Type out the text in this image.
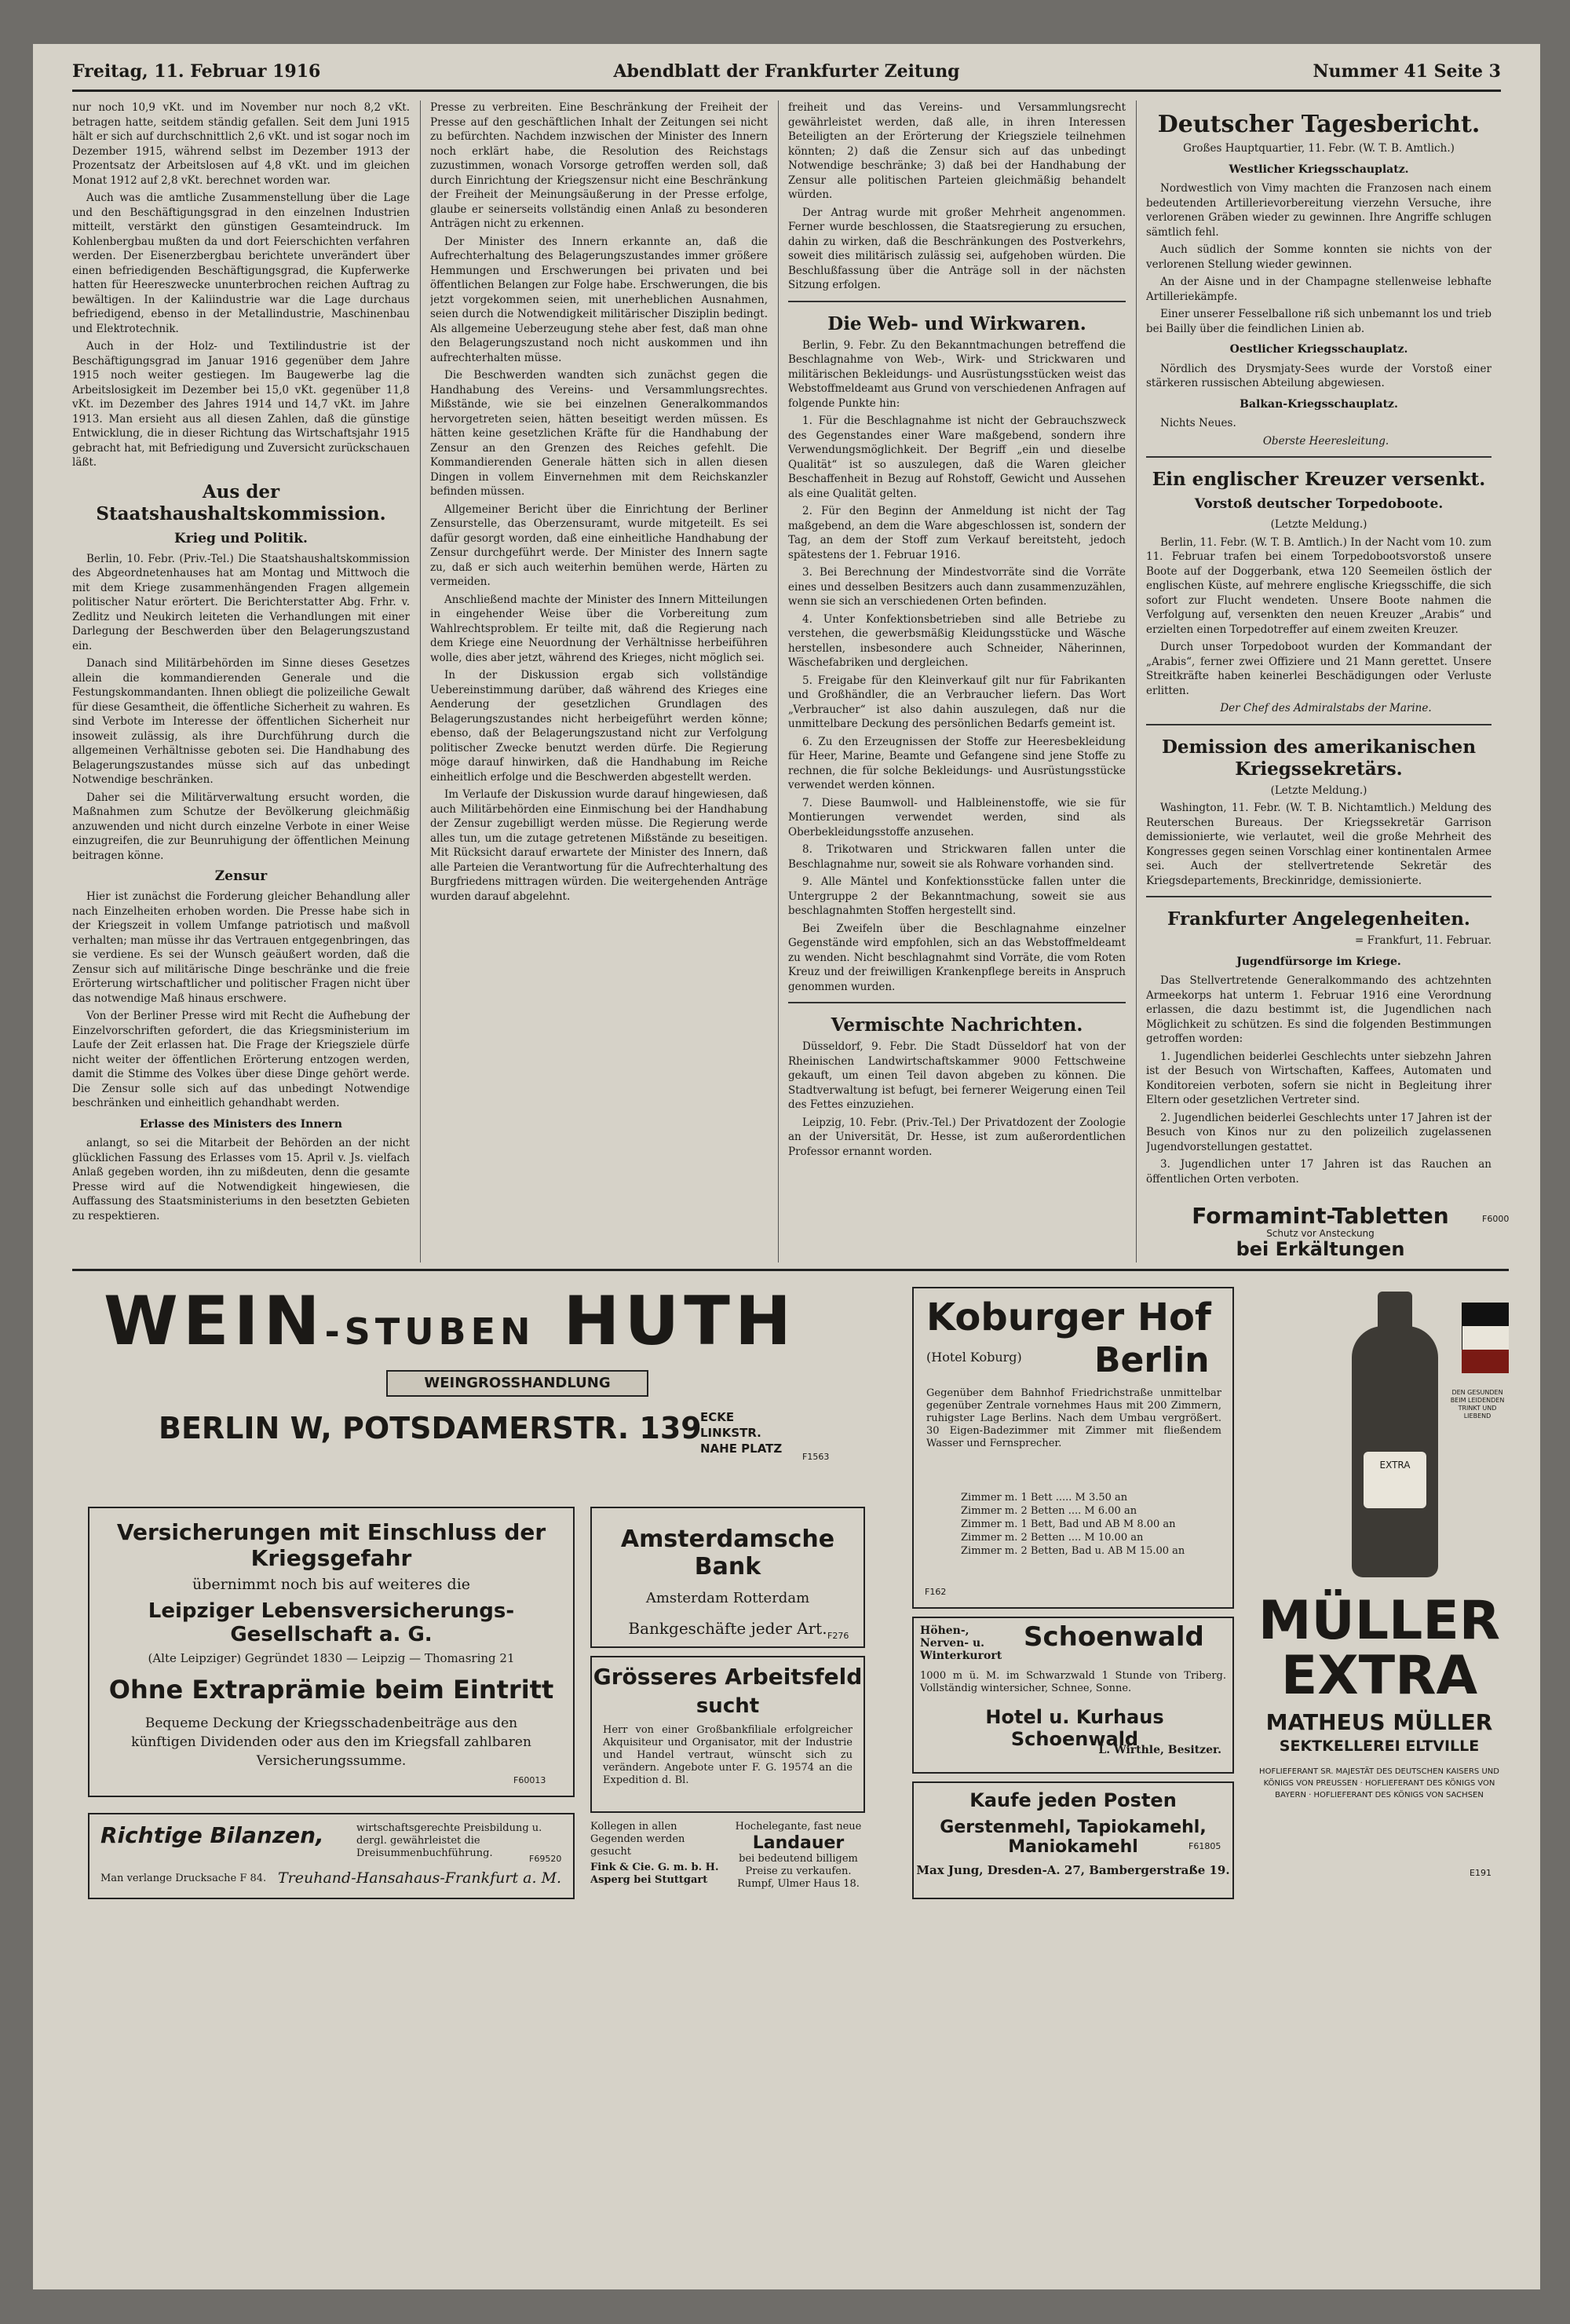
Freitag, 11. Februar 1916	Abendblatt der Frankfurter Zeitung	Nummer 41 Seite 3

nur noch 10,9 vKt. und im November nur noch 8,2 vKt. betragen hatte, seitdem ständig gefallen. Seit dem Juni 1915 hält er sich auf durchschnittlich 2,6 vKt. und ist sogar noch im Dezember 1915, während selbst im Dezember 1913 der Prozentsatz der Arbeitslosen auf 4,8 vKt. und im gleichen Monat 1912 auf 2,8 vKt. berechnet worden war.

Auch was die amtliche Zusammenstellung über die Lage und den Beschäftigungsgrad in den einzelnen Industrien mitteilt, verstärkt den günstigen Gesamteindruck. Im Kohlenbergbau mußten da und dort Feierschichten verfahren werden. Der Eisenerzbergbau berichtete unverändert über einen befriedigenden Beschäftigungsgrad, die Kupferwerke hatten für Heereszwecke ununterbrochen reichen Auftrag zu bewältigen. In der Kaliindustrie war die Lage durchaus befriedigend, ebenso in der Metallindustrie, Maschinenbau und Elektrotechnik.

Auch in der Holz- und Textilindustrie ist der Beschäftigungsgrad im Januar 1916 gegenüber dem Jahre 1915 noch weiter gestiegen. Im Baugewerbe lag die Arbeitslosigkeit im Dezember bei 15,0 vKt. gegenüber 11,8 vKt. im Dezember des Jahres 1914 und 14,7 vKt. im Jahre 1913. Man ersieht aus all diesen Zahlen, daß die günstige Entwicklung, die in dieser Richtung das Wirtschaftsjahr 1915 gebracht hat, mit Befriedigung und Zuversicht zurückschauen läßt.

Aus der Staatshaushaltskommission.
Krieg und Politik.

Berlin, 10. Febr. (Priv.-Tel.) Die Staatshaushaltskommission des Abgeordnetenhauses hat am Montag und Mittwoch die mit dem Kriege zusammenhängenden Fragen allgemein politischer Natur erörtert. Die Berichterstatter Abg. Frhr. v. Zedlitz und Neukirch leiteten die Verhandlungen mit einer Darlegung der Beschwerden über den Belagerungszustand ein.

Danach sind Militärbehörden im Sinne dieses Gesetzes allein die kommandierenden Generale und die Festungskommandanten. Ihnen obliegt die polizeiliche Gewalt für diese Gesamtheit, die öffentliche Sicherheit zu wahren. Es sind Verbote im Interesse der öffentlichen Sicherheit nur insoweit zulässig, als ihre Durchführung durch die allgemeinen Verhältnisse geboten sei. Die Handhabung des Belagerungszustandes müsse sich auf das unbedingt Notwendige beschränken.

Daher sei die Militärverwaltung ersucht worden, die Maßnahmen zum Schutze der Bevölkerung gleichmäßig anzuwenden und nicht durch einzelne Verbote in einer Weise einzugreifen, die zur Beunruhigung der öffentlichen Meinung beitragen könne.

Zensur

Hier ist zunächst die Forderung gleicher Behandlung aller nach Einzelheiten erhoben worden. Die Presse habe sich in der Kriegszeit in vollem Umfange patriotisch und maßvoll verhalten; man müsse ihr das Vertrauen entgegenbringen, das sie verdiene. Es sei der Wunsch geäußert worden, daß die Zensur sich auf militärische Dinge beschränke und die freie Erörterung wirtschaftlicher und politischer Fragen nicht über das notwendige Maß hinaus erschwere.

Von der Berliner Presse wird mit Recht die Aufhebung der Einzelvorschriften gefordert, die das Kriegsministerium im Laufe der Zeit erlassen hat. Die Frage der Kriegsziele dürfe nicht weiter der öffentlichen Erörterung entzogen werden, damit die Stimme des Volkes über diese Dinge gehört werde. Die Zensur solle sich auf das unbedingt Notwendige beschränken und einheitlich gehandhabt werden.

Erlasse des Ministers des Innern

anlangt, so sei die Mitarbeit der Behörden an der nicht glücklichen Fassung des Erlasses vom 15. April v. Js. vielfach Anlaß gegeben worden, ihn zu mißdeuten, denn die gesamte Presse wird auf die Notwendigkeit hingewiesen, die Auffassung des Staatsministeriums in den besetzten Gebieten zu respektieren.

Presse zu verbreiten. Eine Beschränkung der Freiheit der Presse auf den geschäftlichen Inhalt der Zeitungen sei nicht zu befürchten. Nachdem inzwischen der Minister des Innern noch erklärt habe, die Resolution des Reichstags zuzustimmen, wonach Vorsorge getroffen werden soll, daß durch Einrichtung der Kriegszensur nicht eine Beschränkung der Freiheit der Meinungsäußerung in der Presse erfolge, glaube er seinerseits vollständig einen Anlaß zu besonderen Anträgen nicht zu erkennen.

Der Minister des Innern erkannte an, daß die Aufrechterhaltung des Belagerungszustandes immer größere Hemmungen und Erschwerungen bei privaten und bei öffentlichen Belangen zur Folge habe. Erschwerungen, die bis jetzt vorgekommen seien, mit unerheblichen Ausnahmen, seien durch die Notwendigkeit militärischer Disziplin bedingt. Als allgemeine Ueberzeugung stehe aber fest, daß man ohne den Belagerungszustand noch nicht auskommen und ihn aufrechterhalten müsse.

Die Beschwerden wandten sich zunächst gegen die Handhabung des Vereins- und Versammlungsrechtes. Mißstände, wie sie bei einzelnen Generalkommandos hervorgetreten seien, hätten beseitigt werden müssen. Es hätten keine gesetzlichen Kräfte für die Handhabung der Zensur an den Grenzen des Reiches gefehlt. Die Kommandierenden Generale hätten sich in allen diesen Dingen in vollem Einvernehmen mit dem Reichskanzler befinden müssen.

Allgemeiner Bericht über die Einrichtung der Berliner Zensurstelle, das Oberzensuramt, wurde mitgeteilt. Es sei dafür gesorgt worden, daß eine einheitliche Handhabung der Zensur durchgeführt werde. Der Minister des Innern sagte zu, daß er sich auch weiterhin bemühen werde, Härten zu vermeiden.

Anschließend machte der Minister des Innern Mitteilungen in eingehender Weise über die Vorbereitung zum Wahlrechtsproblem. Er teilte mit, daß die Regierung nach dem Kriege eine Neuordnung der Verhältnisse herbeiführen wolle, dies aber jetzt, während des Krieges, nicht möglich sei.

In der Diskussion ergab sich vollständige Uebereinstimmung darüber, daß während des Krieges eine Aenderung der gesetzlichen Grundlagen des Belagerungszustandes nicht herbeigeführt werden könne; ebenso, daß der Belagerungszustand nicht zur Verfolgung politischer Zwecke benutzt werden dürfe. Die Regierung möge darauf hinwirken, daß die Handhabung im Reiche einheitlich erfolge und die Beschwerden abgestellt werden.

Im Verlaufe der Diskussion wurde darauf hingewiesen, daß auch Militärbehörden eine Einmischung bei der Handhabung der Zensur zugebilligt werden müsse. Die Regierung werde alles tun, um die zutage getretenen Mißstände zu beseitigen. Mit Rücksicht darauf erwartete der Minister des Innern, daß alle Parteien die Verantwortung für die Aufrechterhaltung des Burgfriedens mittragen würden. Die weitergehenden Anträge wurden darauf abgelehnt.

freiheit und das Vereins- und Versammlungsrecht gewährleistet werden, daß alle, in ihren Interessen Beteiligten an der Erörterung der Kriegsziele teilnehmen könnten; 2) daß die Zensur sich auf das unbedingt Notwendige beschränke; 3) daß bei der Handhabung der Zensur alle politischen Parteien gleichmäßig behandelt würden.

Der Antrag wurde mit großer Mehrheit angenommen. Ferner wurde beschlossen, die Staatsregierung zu ersuchen, dahin zu wirken, daß die Beschränkungen des Postverkehrs, soweit dies militärisch zulässig sei, aufgehoben würden. Die Beschlußfassung über die Anträge soll in der nächsten Sitzung erfolgen.

Die Web- und Wirkwaren.

Berlin, 9. Febr. Zu den Bekanntmachungen betreffend die Beschlagnahme von Web-, Wirk- und Strickwaren und militärischen Bekleidungs- und Ausrüstungsstücken weist das Webstoffmeldeamt aus Grund von verschiedenen Anfragen auf folgende Punkte hin:

1. Für die Beschlagnahme ist nicht der Gebrauchszweck des Gegenstandes einer Ware maßgebend, sondern ihre Verwendungsmöglichkeit. Der Begriff „ein und dieselbe Qualität“ ist so auszulegen, daß die Waren gleicher Beschaffenheit in Bezug auf Rohstoff, Gewicht und Aussehen als eine Qualität gelten.

2. Für den Beginn der Anmeldung ist nicht der Tag maßgebend, an dem die Ware abgeschlossen ist, sondern der Tag, an dem der Stoff zum Verkauf bereitsteht, jedoch spätestens der 1. Februar 1916.

3. Bei Berechnung der Mindestvorräte sind die Vorräte eines und desselben Besitzers auch dann zusammenzuzählen, wenn sie sich an verschiedenen Orten befinden.

4. Unter Konfektionsbetrieben sind alle Betriebe zu verstehen, die gewerbsmäßig Kleidungsstücke und Wäsche herstellen, insbesondere auch Schneider, Näherinnen, Wäschefabriken und dergleichen.

5. Freigabe für den Kleinverkauf gilt nur für Fabrikanten und Großhändler, die an Verbraucher liefern. Das Wort „Verbraucher“ ist also dahin auszulegen, daß nur die unmittelbare Deckung des persönlichen Bedarfs gemeint ist.

6. Zu den Erzeugnissen der Stoffe zur Heeresbekleidung für Heer, Marine, Beamte und Gefangene sind jene Stoffe zu rechnen, die für solche Bekleidungs- und Ausrüstungsstücke verwendet werden können.

7. Diese Baumwoll- und Halbleinenstoffe, wie sie für Montierungen verwendet werden, sind als Oberbekleidungsstoffe anzusehen.

8. Trikotwaren und Strickwaren fallen unter die Beschlagnahme nur, soweit sie als Rohware vorhanden sind.

9. Alle Mäntel und Konfektionsstücke fallen unter die Untergruppe 2 der Bekanntmachung, soweit sie aus beschlagnahmten Stoffen hergestellt sind.

Bei Zweifeln über die Beschlagnahme einzelner Gegenstände wird empfohlen, sich an das Webstoffmeldeamt zu wenden. Nicht beschlagnahmt sind Vorräte, die vom Roten Kreuz und der freiwilligen Krankenpflege bereits in Anspruch genommen wurden.

Vermischte Nachrichten.

Düsseldorf, 9. Febr. Die Stadt Düsseldorf hat von der Rheinischen Landwirtschaftskammer 9000 Fettschweine gekauft, um einen Teil davon abgeben zu können. Die Stadtverwaltung ist befugt, bei fernerer Weigerung einen Teil des Fettes einzuziehen.

Leipzig, 10. Febr. (Priv.-Tel.) Der Privatdozent der Zoologie an der Universität, Dr. Hesse, ist zum außerordentlichen Professor ernannt worden.

Deutscher Tagesbericht.

Großes Hauptquartier, 11. Febr. (W. T. B. Amtlich.)

Westlicher Kriegsschauplatz.

Nordwestlich von Vimy machten die Franzosen nach einem bedeutenden Artillerievorbereitung vierzehn Versuche, ihre verlorenen Gräben wieder zu gewinnen. Ihre Angriffe schlugen sämtlich fehl.

Auch südlich der Somme konnten sie nichts von der verlorenen Stellung wieder gewinnen.

An der Aisne und in der Champagne stellenweise lebhafte Artilleriekämpfe.

Einer unserer Fesselballone riß sich unbemannt los und trieb bei Bailly über die feindlichen Linien ab.

Oestlicher Kriegsschauplatz.

Nördlich des Drysmjaty-Sees wurde der Vorstoß einer stärkeren russischen Abteilung abgewiesen.

Balkan-Kriegsschauplatz.

Nichts Neues.

Oberste Heeresleitung.

Ein englischer Kreuzer versenkt.
Vorstoß deutscher Torpedoboote.

(Letzte Meldung.)

Berlin, 11. Febr. (W. T. B. Amtlich.) In der Nacht vom 10. zum 11. Februar trafen bei einem Torpedobootsvorstoß unsere Boote auf der Doggerbank, etwa 120 Seemeilen östlich der englischen Küste, auf mehrere englische Kriegsschiffe, die sich sofort zur Flucht wendeten. Unsere Boote nahmen die Verfolgung auf, versenkten den neuen Kreuzer „Arabis“ und erzielten einen Torpedotreffer auf einem zweiten Kreuzer.

Durch unser Torpedoboot wurden der Kommandant der „Arabis“, ferner zwei Offiziere und 21 Mann gerettet. Unsere Streitkräfte haben keinerlei Beschädigungen oder Verluste erlitten.

Der Chef des Admiralstabs der Marine.

Demission des amerikanischen Kriegssekretärs.

(Letzte Meldung.)

Washington, 11. Febr. (W. T. B. Nichtamtlich.) Meldung des Reuterschen Bureaus. Der Kriegssekretär Garrison demissionierte, wie verlautet, weil die große Mehrheit des Kongresses gegen seinen Vorschlag einer kontinentalen Armee sei. Auch der stellvertretende Sekretär des Kriegsdepartements, Breckinridge, demissionierte.

Frankfurter Angelegenheiten.

= Frankfurt, 11. Februar.

Jugendfürsorge im Kriege.

Das Stellvertretende Generalkommando des achtzehnten Armeekorps hat unterm 1. Februar 1916 eine Verordnung erlassen, die dazu bestimmt ist, die Jugendlichen nach Möglichkeit zu schützen. Es sind die folgenden Bestimmungen getroffen worden:

1. Jugendlichen beiderlei Geschlechts unter siebzehn Jahren ist der Besuch von Wirtschaften, Kaffees, Automaten und Konditoreien verboten, sofern sie nicht in Begleitung ihrer Eltern oder gesetzlichen Vertreter sind.

2. Jugendlichen beiderlei Geschlechts unter 17 Jahren ist der Besuch von Kinos nur zu den polizeilich zugelassenen Jugendvorstellungen gestattet.

3. Jugendlichen unter 17 Jahren ist das Rauchen an öffentlichen Orten verboten.

Formamint-Tabletten
Schutz vor Ansteckung
bei Erkältungen
F6000
WEIN-STUBEN HUTH
WEINGROSSHANDLUNG
BERLIN W, POTSDAMERSTR. 139
ECKE LINKSTR. NAHE PLATZ
F1563
Versicherungen mit Einschluss der Kriegsgefahr
übernimmt noch bis auf weiteres die
Leipziger Lebensversicherungs-Gesellschaft a. G.
(Alte Leipziger) Gegründet 1830 — Leipzig — Thomasring 21
Ohne Extraprämie beim Eintritt
Bequeme Deckung der Kriegsschadenbeiträge aus den künftigen Dividenden oder aus den im Kriegsfall zahlbaren Versicherungssumme.
F60013
Amsterdamsche Bank
Amsterdam Rotterdam
Bankgeschäfte jeder Art. F276
Richtige Bilanzen,	wirtschaftsgerechte Preisbildung u. dergl. gewährleistet die Dreisummenbuchführung.
Man verlange Drucksache F 84. Treuhand-Hansahaus-Frankfurt a. M.
F69520
Grösseres Arbeitsfeld
sucht
Herr von einer Großbankfiliale erfolgreicher Akquisiteur und Organisator, mit der Industrie und Handel vertraut, wünscht sich zu verändern. Angebote unter F. G. 19574 an die Expedition d. Bl.
Kollegen in allen Gegenden werden gesucht
Fink & Cie. G. m. b. H. Asperg bei Stuttgart
Hochelegante, fast neue
Landauer
bei bedeutend billigem Preise zu verkaufen. Rumpf, Ulmer Haus 18.
Koburger Hof
(Hotel Koburg) Berlin
Gegenüber dem Bahnhof Friedrichstraße unmittelbar gegenüber Zentrale vornehmes Haus mit 200 Zimmern, ruhigster Lage Berlins. Nach dem Umbau vergrößert. 30 Eigen-Badezimmer mit Zimmer mit fließendem Wasser und Fernsprecher.
Zimmer m. 1 Bett ..... M 3.50 an
Zimmer m. 2 Betten .... M 6.00 an
Zimmer m. 1 Bett, Bad und AB M 8.00 an
Zimmer m. 2 Betten .... M 10.00 an
Zimmer m. 2 Betten, Bad u. AB M 15.00 an
F162
Höhen-, Nerven- u. Winterkurort
Schoenwald
1000 m ü. M. im Schwarzwald 1 Stunde von Triberg. Vollständig wintersicher, Schnee, Sonne.
Hotel u. Kurhaus Schoenwald
L. Wirthle, Besitzer.
Kaufe jeden Posten
Gerstenmehl, Tapiokamehl, Maniokamehl
Max Jung, Dresden-A. 27, Bambergerstraße 19.
F61805
EXTRA
DEN GESUNDEN BEIM LEIDENDEN TRINKT UND LIEBEND
MÜLLER
EXTRA
MATHEUS MÜLLER
SEKTKELLEREI ELTVILLE
HOFLIEFERANT SR. MAJESTÄT DES DEUTSCHEN KAISERS UND KÖNIGS VON PREUSSEN · HOFLIEFERANT DES KÖNIGS VON BAYERN · HOFLIEFERANT DES KÖNIGS VON SACHSEN
E191
